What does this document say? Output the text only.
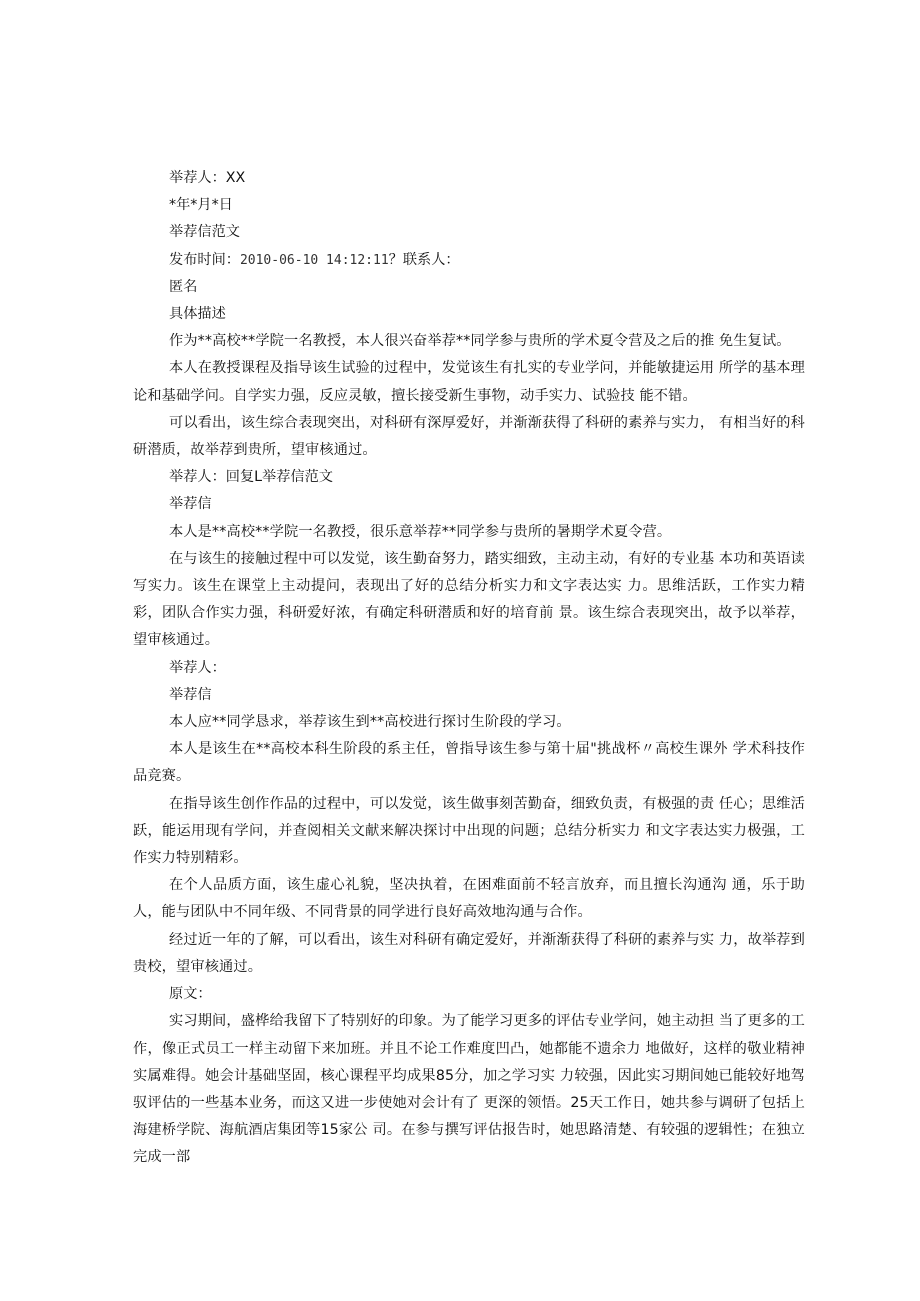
举荐人：XX
*年*月*日
举荐信范文
发布时间：2010-06-10 14:12:11？联系人：
匿名
具体描述

作为**高校**学院一名教授，本人很兴奋举荐**同学参与贵所的学术夏令营及之后的推 免生复试。

本人在教授课程及指导该生试验的过程中，发觉该生有扎实的专业学问，并能敏捷运用 所学的基本理论和基础学问。自学实力强，反应灵敏，擅长接受新生事物，动手实力、试验技 能不错。

可以看出，该生综合表现突出，对科研有深厚爱好，并渐渐获得了科研的素养与实力， 有相当好的科研潜质，故举荐到贵所，望审核通过。

举荐人：回复L举荐信范文
举荐信

本人是**高校**学院一名教授，很乐意举荐**同学参与贵所的暑期学术夏令营。

在与该生的接触过程中可以发觉，该生勤奋努力，踏实细致，主动主动，有好的专业基 本功和英语读写实力。该生在课堂上主动提问，表现出了好的总结分析实力和文字表达实 力。思维活跃，工作实力精彩，团队合作实力强，科研爱好浓，有确定科研潜质和好的培育前 景。该生综合表现突出，故予以举荐，望审核通过。

举荐人：
举荐信

本人应**同学恳求，举荐该生到**高校进行探讨生阶段的学习。

本人是该生在**高校本科生阶段的系主任，曾指导该生参与第十届"挑战杯〃高校生课外 学术科技作品竞赛。

在指导该生创作作品的过程中，可以发觉，该生做事刻苦勤奋，细致负责，有极强的责 任心；思维活跃，能运用现有学问，并查阅相关文献来解决探讨中出现的问题；总结分析实力 和文字表达实力极强，工作实力特别精彩。

在个人品质方面，该生虚心礼貌，坚决执着，在困难面前不轻言放弃，而且擅长沟通沟 通，乐于助人，能与团队中不同年级、不同背景的同学进行良好高效地沟通与合作。

经过近一年的了解，可以看出，该生对科研有确定爱好，并渐渐获得了科研的素养与实 力，故举荐到贵校，望审核通过。

原文：

实习期间，盛桦给我留下了特别好的印象。为了能学习更多的评估专业学问，她主动担 当了更多的工作，像正式员工一样主动留下来加班。并且不论工作难度凹凸，她都能不遗余力 地做好，这样的敬业精神实属难得。她会计基础坚固，核心课程平均成果85分，加之学习实 力较强，因此实习期间她已能较好地驾驭评估的一些基本业务，而这又进一步使她对会计有了 更深的领悟。25天工作日，她共参与调研了包括上海建桥学院、海航酒店集团等15家公 司。在参与撰写评估报告时，她思路清楚、有较强的逻辑性；在独立完成一部
